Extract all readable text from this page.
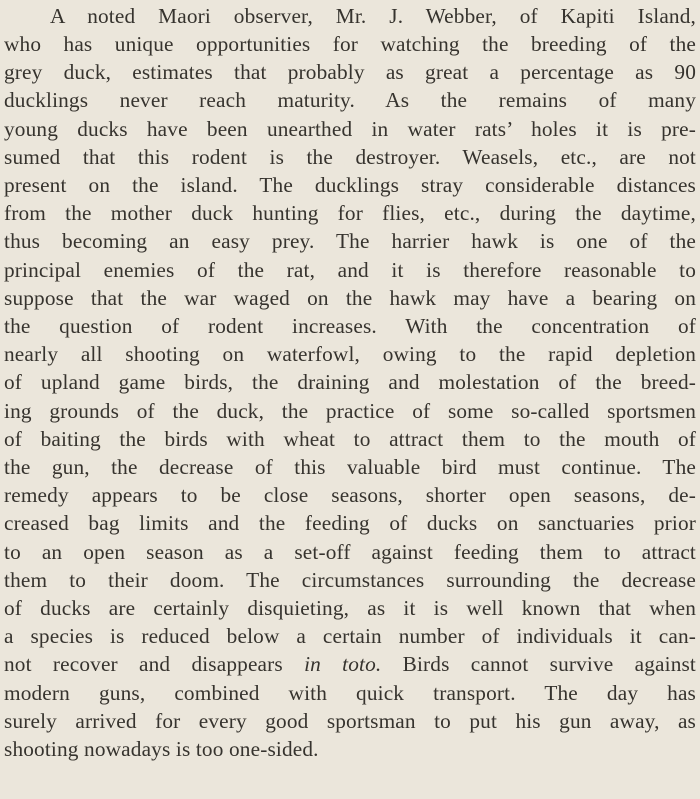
A noted Maori observer, Mr. J. Webber, of Kapiti Island,
who has unique opportunities for watching the breeding of the
grey duck, estimates that probably as great a percentage as 90
ducklings never reach maturity. As the remains of many
young ducks have been unearthed in water rats’ holes it is pre-
sumed that this rodent is the destroyer. Weasels, etc., are not
present on the island. The ducklings stray considerable distances
from the mother duck hunting for flies, etc., during the daytime,
thus becoming an easy prey. The harrier hawk is one of the
principal enemies of the rat, and it is therefore reasonable to
suppose that the war waged on the hawk may have a bearing on
the question of rodent increases. With the concentration of
nearly all shooting on waterfowl, owing to the rapid depletion
of upland game birds, the draining and molestation of the breed-
ing grounds of the duck, the practice of some so-called sportsmen
of baiting the birds with wheat to attract them to the mouth of
the gun, the decrease of this valuable bird must continue. The
remedy appears to be close seasons, shorter open seasons, de-
creased bag limits and the feeding of ducks on sanctuaries prior
to an open season as a set-off against feeding them to attract
them to their doom. The circumstances surrounding the decrease
of ducks are certainly disquieting, as it is well known that when
a species is reduced below a certain number of individuals it can-
not recover and disappears in toto. Birds cannot survive against
modern guns, combined with quick transport. The day has
surely arrived for every good sportsman to put his gun away, as
shooting nowadays is too one-sided.
